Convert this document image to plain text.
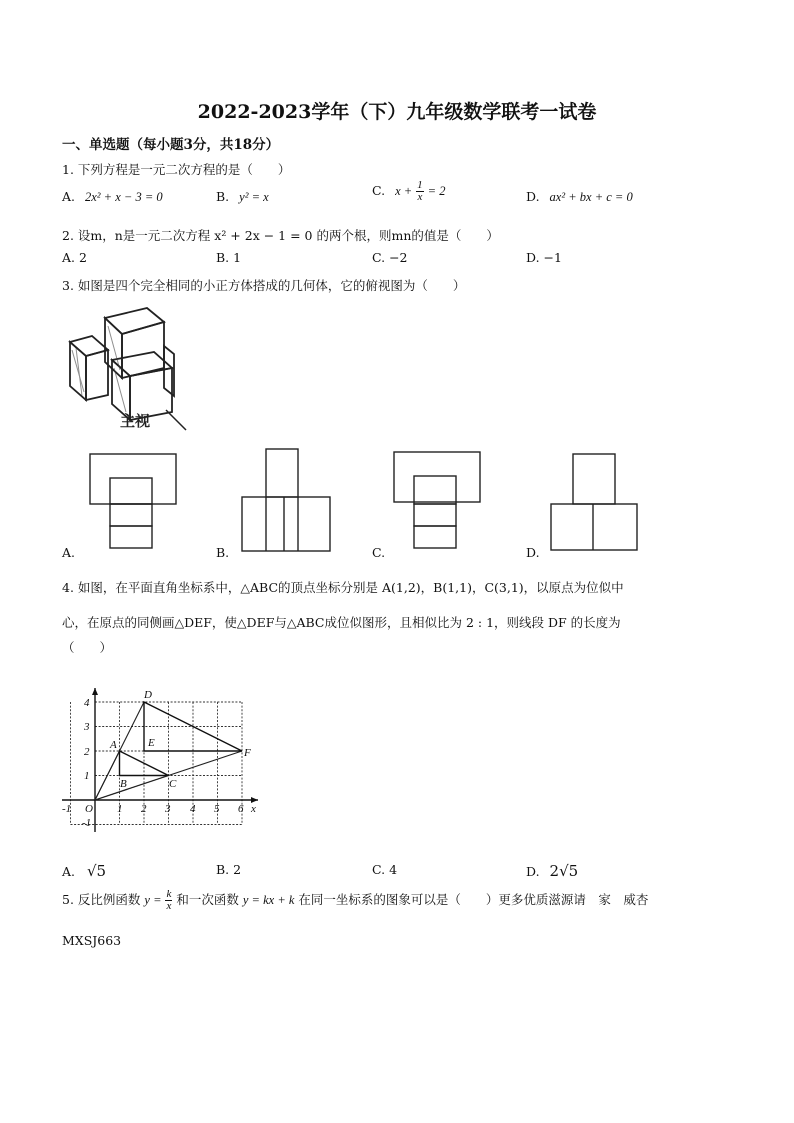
2022-2023学年（下）九年级数学联考一试卷
一、单选题（每小题3分，共18分）
1. 下列方程是一元二次方程的是（　　）
A. 2x² + x − 3 = 0	B. y² = x	C. $x + \frac{1}{x} = 2$	D. ax² + bx + c = 0
2. 设m，n是一元二次方程 x² + 2x − 1 = 0 的两个根，则mn的值是（　　）
A. 2	B. 1	C. −2	D. −1
3. 如图是四个完全相同的小正方体搭成的几何体，它的俯视图为（　　）
主视
A.	B.	C.	D.
4. 如图，在平面直角坐标系中，△ABC的顶点坐标分别是 A(1,2)，B(1,1)，C(3,1)，以原点为位似中
心，在原点的同侧画△DEF，使△DEF与△ABC成位似图形，且相似比为 2 : 1，则线段 DF 的长度为
（　　）
4
3
2
1
-1
-1 O 1 2 3 4 5 6 x
A
B	C
D
E
F
A. √5	B. 2	C. 4	D. 2√5
5. 反比例函数 $y = \frac{k}{x}$ 和一次函数 y = kx + k 在同一坐标系的图象可以是（　　）更多优质滋源请　家　威杏
MXSJ663
